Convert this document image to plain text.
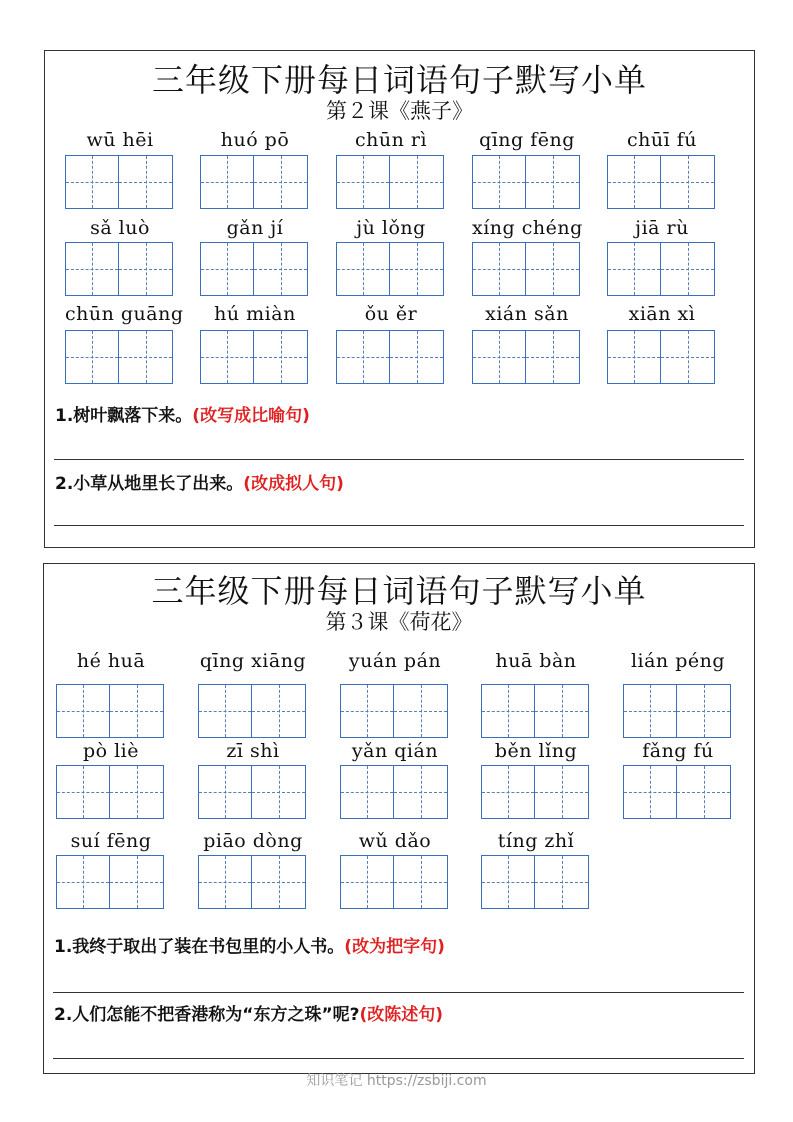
三年级下册每日词语句子默写小单
第２课《燕子》
wū hēi	huó pō	chūn rì	qīng fēng	chūī fú
sǎ luò	gǎn jí	jù lǒng	xíng chéng	jiā rù
chūn guāng	hú miàn	ǒu ěr	xián sǎn	xiān xì
1.树叶飘落下来。(改写成比喻句)
2.小草从地里长了出来。(改成拟人句)
三年级下册每日词语句子默写小单
第３课《荷花》
hé huā	qīng xiāng	yuán pán	huā bàn	lián péng
pò liè	zī shì	yǎn qián	běn lǐng	fǎng fú
suí fēng	piāo dòng	wǔ dǎo	tíng zhǐ
1.我终于取出了装在书包里的小人书。(改为把字句)
2.人们怎能不把香港称为“东方之珠”呢?(改陈述句)
知识笔记 https://zsbiji.com
